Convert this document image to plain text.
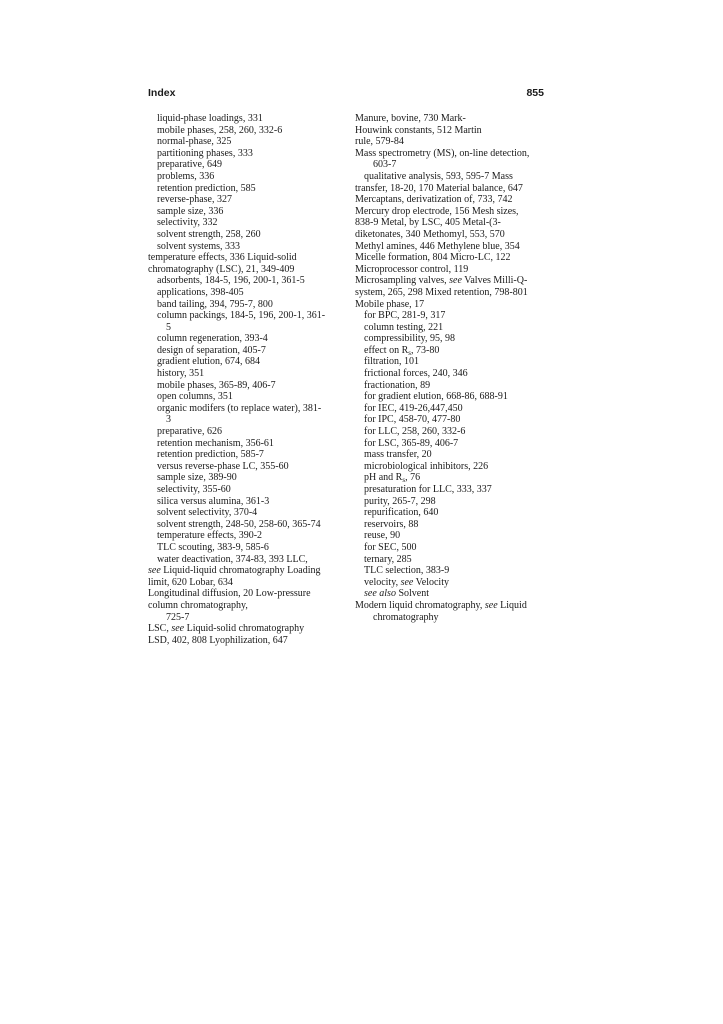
Index	855
liquid-phase loadings, 331
mobile phases, 258, 260, 332-6
normal-phase, 325
partitioning phases, 333
preparative, 649
problems, 336
retention prediction, 585
reverse-phase, 327
sample size, 336
selectivity, 332
solvent strength, 258, 260
solvent systems, 333
temperature effects, 336 Liquid-solid
chromatography (LSC), 21, 349-409
adsorbents, 184-5, 196, 200-1, 361-5
applications, 398-405
band tailing, 394, 795-7, 800
column packings, 184-5, 196, 200-1, 361-
5
column regeneration, 393-4
design of separation, 405-7
gradient elution, 674, 684
history, 351
mobile phases, 365-89, 406-7
open columns, 351
organic modifers (to replace water), 381-
3
preparative, 626
retention mechanism, 356-61
retention prediction, 585-7
versus reverse-phase LC, 355-60
sample size, 389-90
selectivity, 355-60
silica versus alumina, 361-3
solvent selectivity, 370-4
solvent strength, 248-50, 258-60, 365-74
temperature effects, 390-2
TLC scouting, 383-9, 585-6
water deactivation, 374-83, 393 LLC,
see Liquid-liquid chromatography Loading
limit, 620 Lobar, 634
Longitudinal diffusion, 20 Low-pressure
column chromatography,
725-7
LSC, see Liquid-solid chromatography
LSD, 402, 808 Lyophilization, 647
Manure, bovine, 730 Mark-
Houwink constants, 512 Martin
rule, 579-84
Mass spectrometry (MS), on-line detection,
603-7
qualitative analysis, 593, 595-7 Mass
transfer, 18-20, 170 Material balance, 647
Mercaptans, derivatization of, 733, 742
Mercury drop electrode, 156 Mesh sizes,
838-9 Metal, by LSC, 405 Metal-(3-
diketonates, 340 Methomyl, 553, 570
Methyl amines, 446 Methylene blue, 354
Micelle formation, 804 Micro-LC, 122
Microprocessor control, 119
Microsampling valves, see Valves Milli-Q-
system, 265, 298 Mixed retention, 798-801
Mobile phase, 17
for BPC, 281-9, 317
column testing, 221
compressibility, 95, 98
effect on $R_s$, 73-80
filtration, 101
frictional forces, 240, 346
fractionation, 89
for gradient elution, 668-86, 688-91
for IEC, 419-26,447,450
for IPC, 458-70, 477-80
for LLC, 258, 260, 332-6
for LSC, 365-89, 406-7
mass transfer, 20
microbiological inhibitors, 226
pH and $R_s$, 76
presaturation for LLC, 333, 337
purity, 265-7, 298
repurification, 640
reservoirs, 88
reuse, 90
for SEC, 500
ternary, 285
TLC selection, 383-9
velocity, see Velocity
see also Solvent
Modern liquid chromatography, see Liquid
chromatography
